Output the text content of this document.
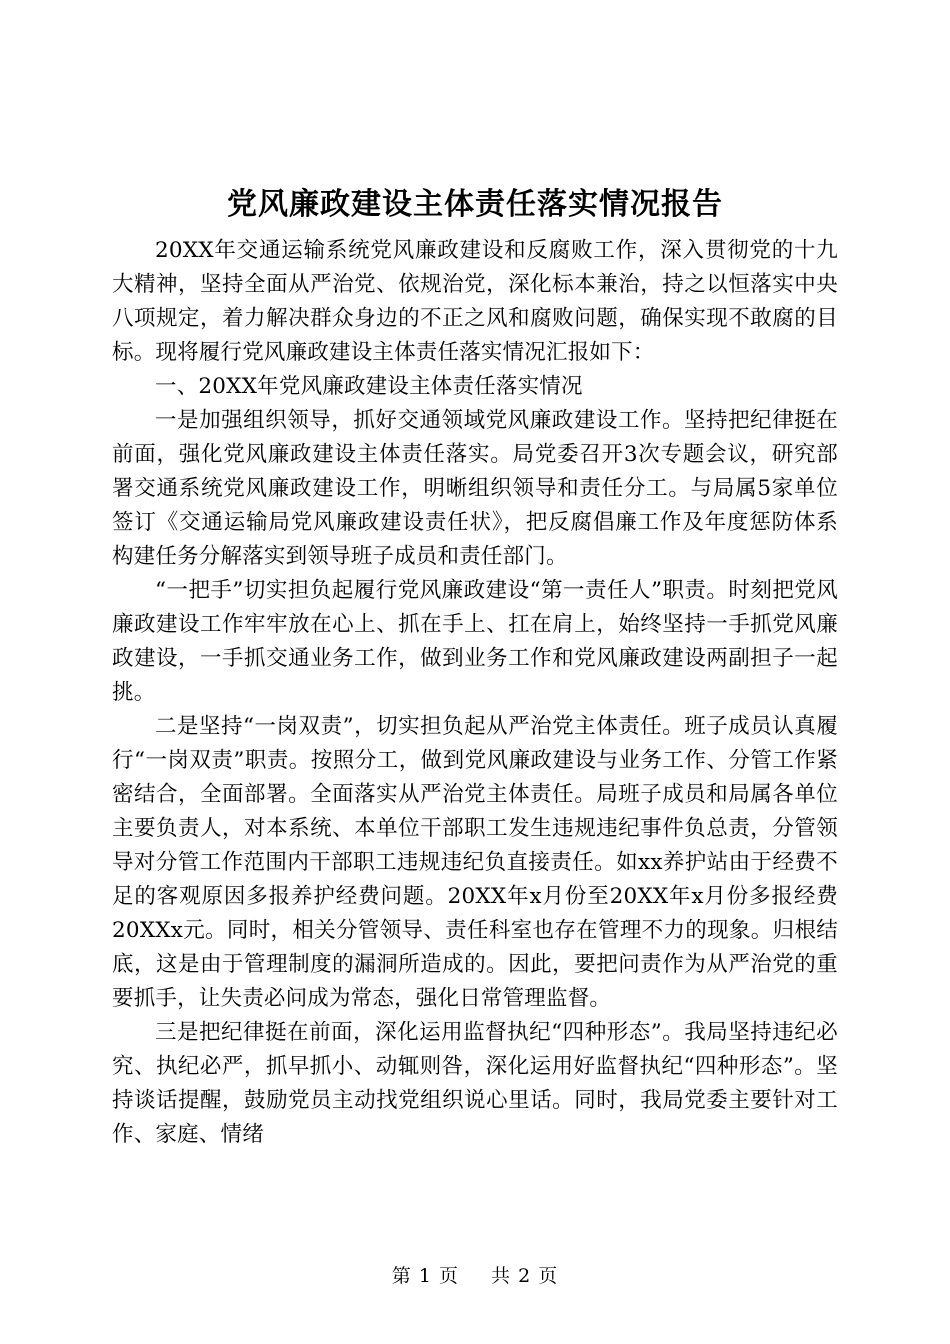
党风廉政建设主体责任落实情况报告

20XX年交通运输系统党风廉政建设和反腐败工作，深入贯彻党的十九大精神，坚持全面从严治党、依规治党，深化标本兼治，持之以恒落实中央八项规定，着力解决群众身边的不正之风和腐败问题，确保实现不敢腐的目标。现将履行党风廉政建设主体责任落实情况汇报如下：

一、20XX年党风廉政建设主体责任落实情况

一是加强组织领导，抓好交通领域党风廉政建设工作。坚持把纪律挺在前面，强化党风廉政建设主体责任落实。局党委召开3次专题会议，研究部署交通系统党风廉政建设工作，明晰组织领导和责任分工。与局属5家单位签订《交通运输局党风廉政建设责任状》，把反腐倡廉工作及年度惩防体系构建任务分解落实到领导班子成员和责任部门。

“一把手”切实担负起履行党风廉政建设“第一责任人”职责。时刻把党风廉政建设工作牢牢放在心上、抓在手上、扛在肩上，始终坚持一手抓党风廉政建设，一手抓交通业务工作，做到业务工作和党风廉政建设两副担子一起挑。

二是坚持“一岗双责”，切实担负起从严治党主体责任。班子成员认真履行“一岗双责”职责。按照分工，做到党风廉政建设与业务工作、分管工作紧密结合，全面部署。全面落实从严治党主体责任。局班子成员和局属各单位主要负责人，对本系统、本单位干部职工发生违规违纪事件负总责，分管领导对分管工作范围内干部职工违规违纪负直接责任。如xx养护站由于经费不足的客观原因多报养护经费问题。20XX年x月份至20XX年x月份多报经费20XXx元。同时，相关分管领导、责任科室也存在管理不力的现象。归根结底，这是由于管理制度的漏洞所造成的。因此，要把问责作为从严治党的重要抓手，让失责必问成为常态，强化日常管理监督。

三是把纪律挺在前面，深化运用监督执纪“四种形态”。我局坚持违纪必究、执纪必严，抓早抓小、动辄则咎，深化运用好监督执纪“四种形态”。坚持谈话提醒，鼓励党员主动找党组织说心里话。同时，我局党委主要针对工作、家庭、情绪

第 1 页 共 2 页
